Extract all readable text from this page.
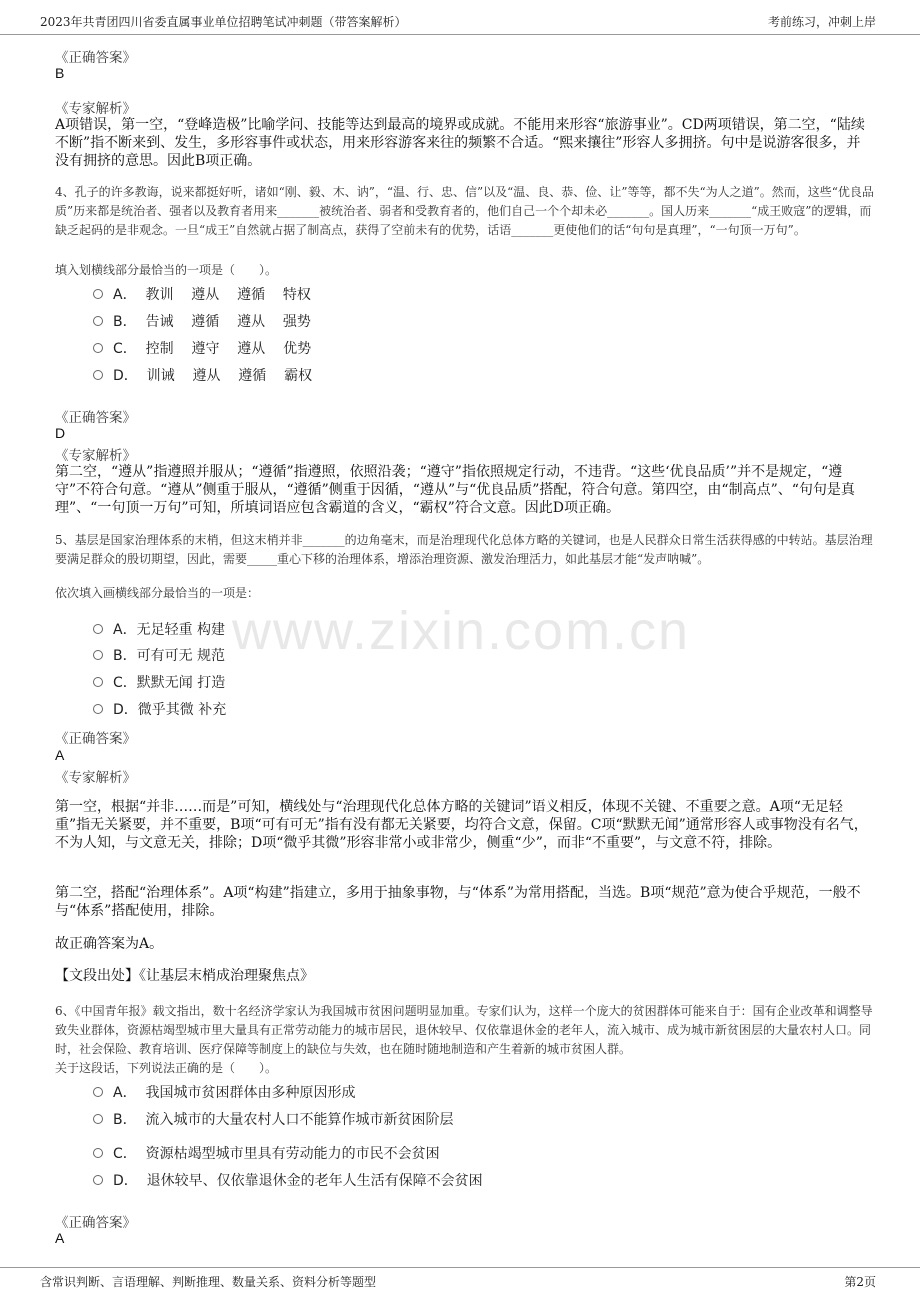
2023年共青团四川省委直属事业单位招聘笔试冲刺题（带答案解析）	考前练习，冲刺上岸
www.zixin.com.cn
《正确答案》
B
《专家解析》
A项错误，第一空，“登峰造极”比喻学问、技能等达到最高的境界或成就。不能用来形容“旅游事业”。CD两项错误，第二空，“陆续不断”指不断来到、发生，多形容事件或状态，用来形容游客来往的频繁不合适。“熙来攘往”形容人多拥挤。句中是说游客很多，并没有拥挤的意思。因此B项正确。
4、孔子的许多教诲，说来都挺好听，诸如“刚、毅、木、讷”，“温、行、忠、信”以及“温、良、恭、俭、让”等等，都不失“为人之道”。然而，这些“优良品质”历来都是统治者、强者以及教育者用来_______被统治者、弱者和受教育者的，他们自己一个个却未必_______。国人历来_______“成王败寇”的逻辑，而缺乏起码的是非观念。一旦“成王”自然就占据了制高点，获得了空前未有的优势，话语_______更使他们的话“句句是真理”，“一句顶一万句”。
填入划横线部分最恰当的一项是（　　）。
A．  教训    遵从    遵循    特权
B．  告诫    遵循    遵从    强势
C．  控制    遵守    遵从    优势
D．  训诫    遵从    遵循    霸权
《正确答案》
D
《专家解析》
第二空，“遵从”指遵照并服从；“遵循”指遵照，依照沿袭；“遵守”指依照规定行动，不违背。“这些‘优良品质’”并不是规定，“遵守”不符合句意。“遵从”侧重于服从，“遵循”侧重于因循，“遵从”与“优良品质”搭配，符合句意。第四空，由“制高点”、“句句是真理”、“一句顶一万句”可知，所填词语应包含霸道的含义，“霸权”符合文意。因此D项正确。
5、基层是国家治理体系的末梢，但这末梢并非_______的边角毫末，而是治理现代化总体方略的关键词，也是人民群众日常生活获得感的中转站。基层治理要满足群众的殷切期望，因此，需要_____重心下移的治理体系，增添治理资源、激发治理活力，如此基层才能“发声呐喊”。
依次填入画横线部分最恰当的一项是：
A．无足轻重 构建
B．可有可无 规范
C．默默无闻 打造
D．微乎其微 补充
《正确答案》
A
《专家解析》
第一空，根据“并非……而是”可知，横线处与“治理现代化总体方略的关键词”语义相反，体现不关键、不重要之意。A项“无足轻重”指无关紧要，并不重要，B项“可有可无”指有没有都无关紧要，均符合文意，保留。C项“默默无闻”通常形容人或事物没有名气，不为人知，与文意无关，排除；D项“微乎其微”形容非常小或非常少，侧重“少”，而非“不重要”，与文意不符，排除。
第二空，搭配“治理体系”。A项“构建”指建立，多用于抽象事物，与“体系”为常用搭配，当选。B项“规范”意为使合乎规范，一般不与“体系”搭配使用，排除。
故正确答案为A。
【文段出处】《让基层末梢成治理聚焦点》
6、《中国青年报》载文指出，数十名经济学家认为我国城市贫困问题明显加重。专家们认为，这样一个庞大的贫困群体可能来自于：国有企业改革和调整导致失业群体，资源枯竭型城市里大量具有正常劳动能力的城市居民，退休较早、仅依靠退休金的老年人，流入城市、成为城市新贫困层的大量农村人口。同时，社会保险、教育培训、医疗保障等制度上的缺位与失效，也在随时随地制造和产生着新的城市贫困人群。
关于这段话，下列说法正确的是（　　）。
A．  我国城市贫困群体由多种原因形成
B．  流入城市的大量农村人口不能算作城市新贫困阶层
C．  资源枯竭型城市里具有劳动能力的市民不会贫困
D．  退休较早、仅依靠退休金的老年人生活有保障不会贫困
《正确答案》
A
含常识判断、言语理解、判断推理、数量关系、资料分析等题型	第2页
